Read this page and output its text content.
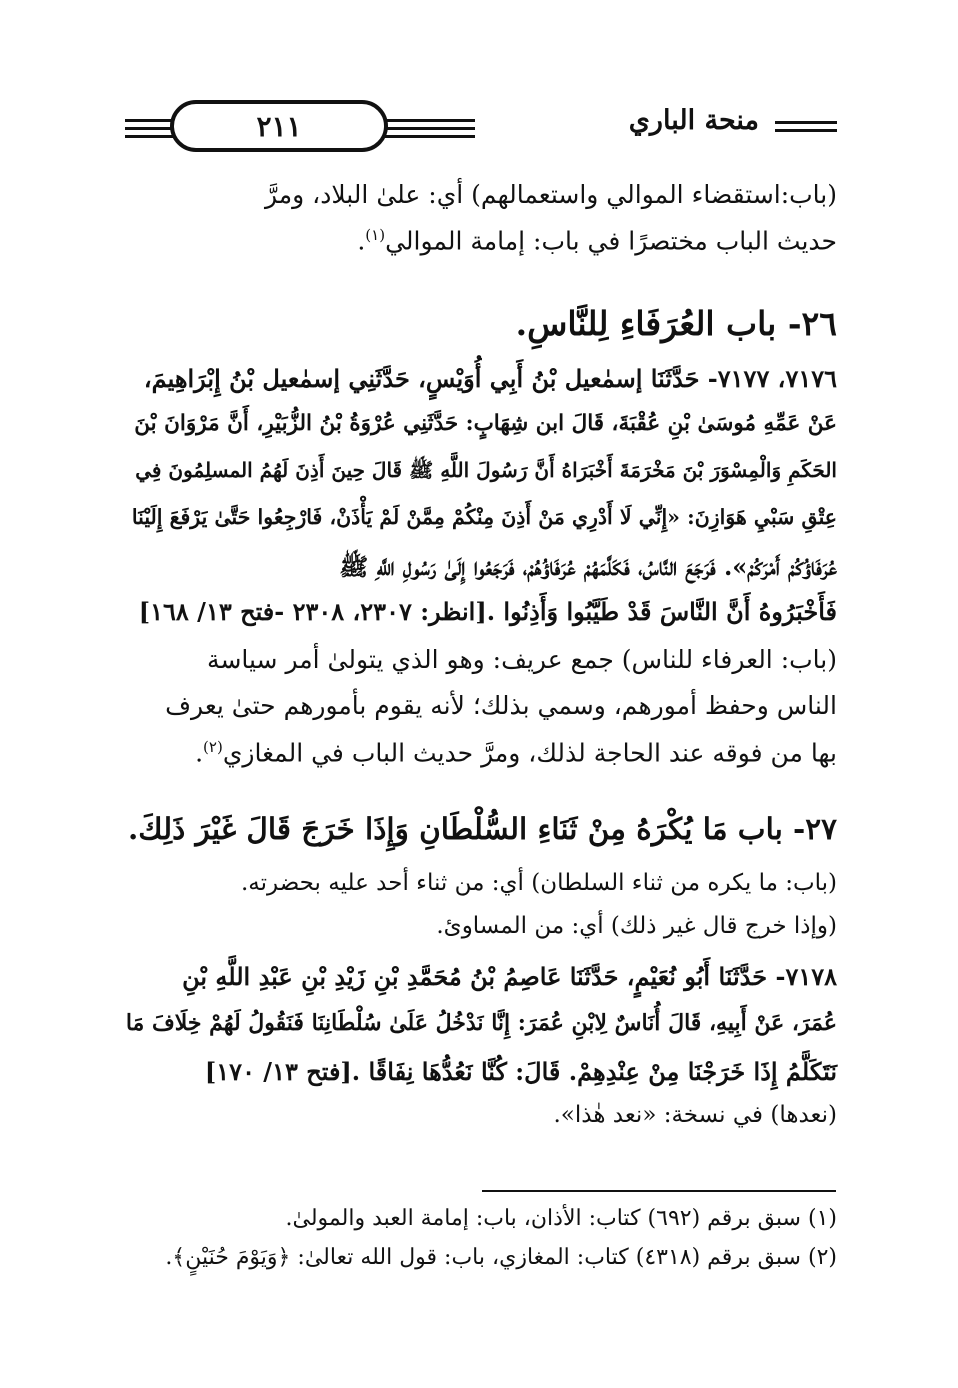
منحة الباري
٢١١
(باب:استقضاء الموالي واستعمالهم) أي: علىٰ البلاد، ومرَّ
حديث الباب مختصرًا في باب: إمامة الموالي$^{(١)}$.
٢٦- باب العُرَفَاءِ لِلنَّاسِ.
٧١٧٦، ٧١٧٧- حَدَّثَنَا إسمٰعيل بْنُ أَبِي أُوَيْسٍ، حَدَّثَنِي إسمٰعيل بْنُ إِبْرَاهِيمَ،
عَنْ عَمِّهِ مُوسَىٰ بْنِ عُقْبَةَ، قَالَ ابن شِهَابٍ: حَدَّثَنِي عُرْوَةُ بْنُ الزُّبَيْرِ، أَنَّ مَرْوَانَ بْنَ
الحَكَمِ وَالْمِسْوَرَ بْنَ مَخْرَمَةَ أَخْبَرَاهُ أَنَّ رَسُولَ اللَّهِ ﷺ قَالَ حِينَ أَذِنَ لَهُمُ المسلِمُونَ فِي
عِتْقِ سَبْيِ هَوَازِنَ: «إِنِّي لَا أَدْرِي مَنْ أَذِنَ مِنْكُمْ مِمَّنْ لَمْ يَأْذَنْ، فَارْجِعُوا حَتَّىٰ يَرْفَعَ إِلَيْنَا
عُرَفَاؤُكُمْ أَمْرَكُمْ». فَرَجَعَ النَّاسُ، فَكَلَّمَهُمْ عُرَفَاؤُهُمْ، فَرَجَعُوا إِلَىٰ رَسُولِ اللَّهِ ﷺ
فَأَخْبَرُوهُ أَنَّ النَّاسَ قَدْ طَيَّبُوا وَأَذِنُوا .[انظر: ٢٣٠٧، ٢٣٠٨ -فتح ١٣/ ١٦٨]
(باب: العرفاء للناس) جمع عريف: وهو الذي يتولىٰ أمر سياسة
الناس وحفظ أمورهم، وسمي بذلك؛ لأنه يقوم بأمورهم حتىٰ يعرف
بها من فوقه عند الحاجة لذلك، ومرَّ حديث الباب في المغازي$^{(٢)}$.
٢٧- باب مَا يُكْرَهُ مِنْ ثَنَاءِ السُّلْطَانِ وَإِذَا خَرَجَ قَالَ غَيْرَ ذَلِكَ.
(باب: ما يكره من ثناء السلطان) أي: من ثناء أحد عليه بحضرته.
(وإذا خرج قال غير ذلك) أي: من المساوئ.
٧١٧٨- حَدَّثَنَا أَبُو نُعَيْمٍ، حَدَّثَنَا عَاصِمُ بْنُ مُحَمَّدِ بْنِ زَيْدِ بْنِ عَبْدِ اللَّهِ بْنِ
عُمَرَ، عَنْ أَبِيهِ، قَالَ أُنَاسٌ لِابْنِ عُمَرَ: إِنَّا نَدْخُلُ عَلَىٰ سُلْطَانِنَا فَنَقُولُ لَهُمْ خِلَافَ مَا
نَتَكَلَّمُ إِذَا خَرَجْنَا مِنْ عِنْدِهِمْ. قَالَ: كُنَّا نَعُدُّهَا نِفَاقًا .[فتح ١٣/ ١٧٠]
(نعدها) في نسخة: «نعد هٰذا».
(١) سبق برقم (٦٩٢) كتاب: الأذان، باب: إمامة العبد والمولىٰ.
(٢) سبق برقم (٤٣١٨) كتاب: المغازي، باب: قول الله تعالىٰ: ﴿وَيَوْمَ حُنَيْنٍ﴾.
